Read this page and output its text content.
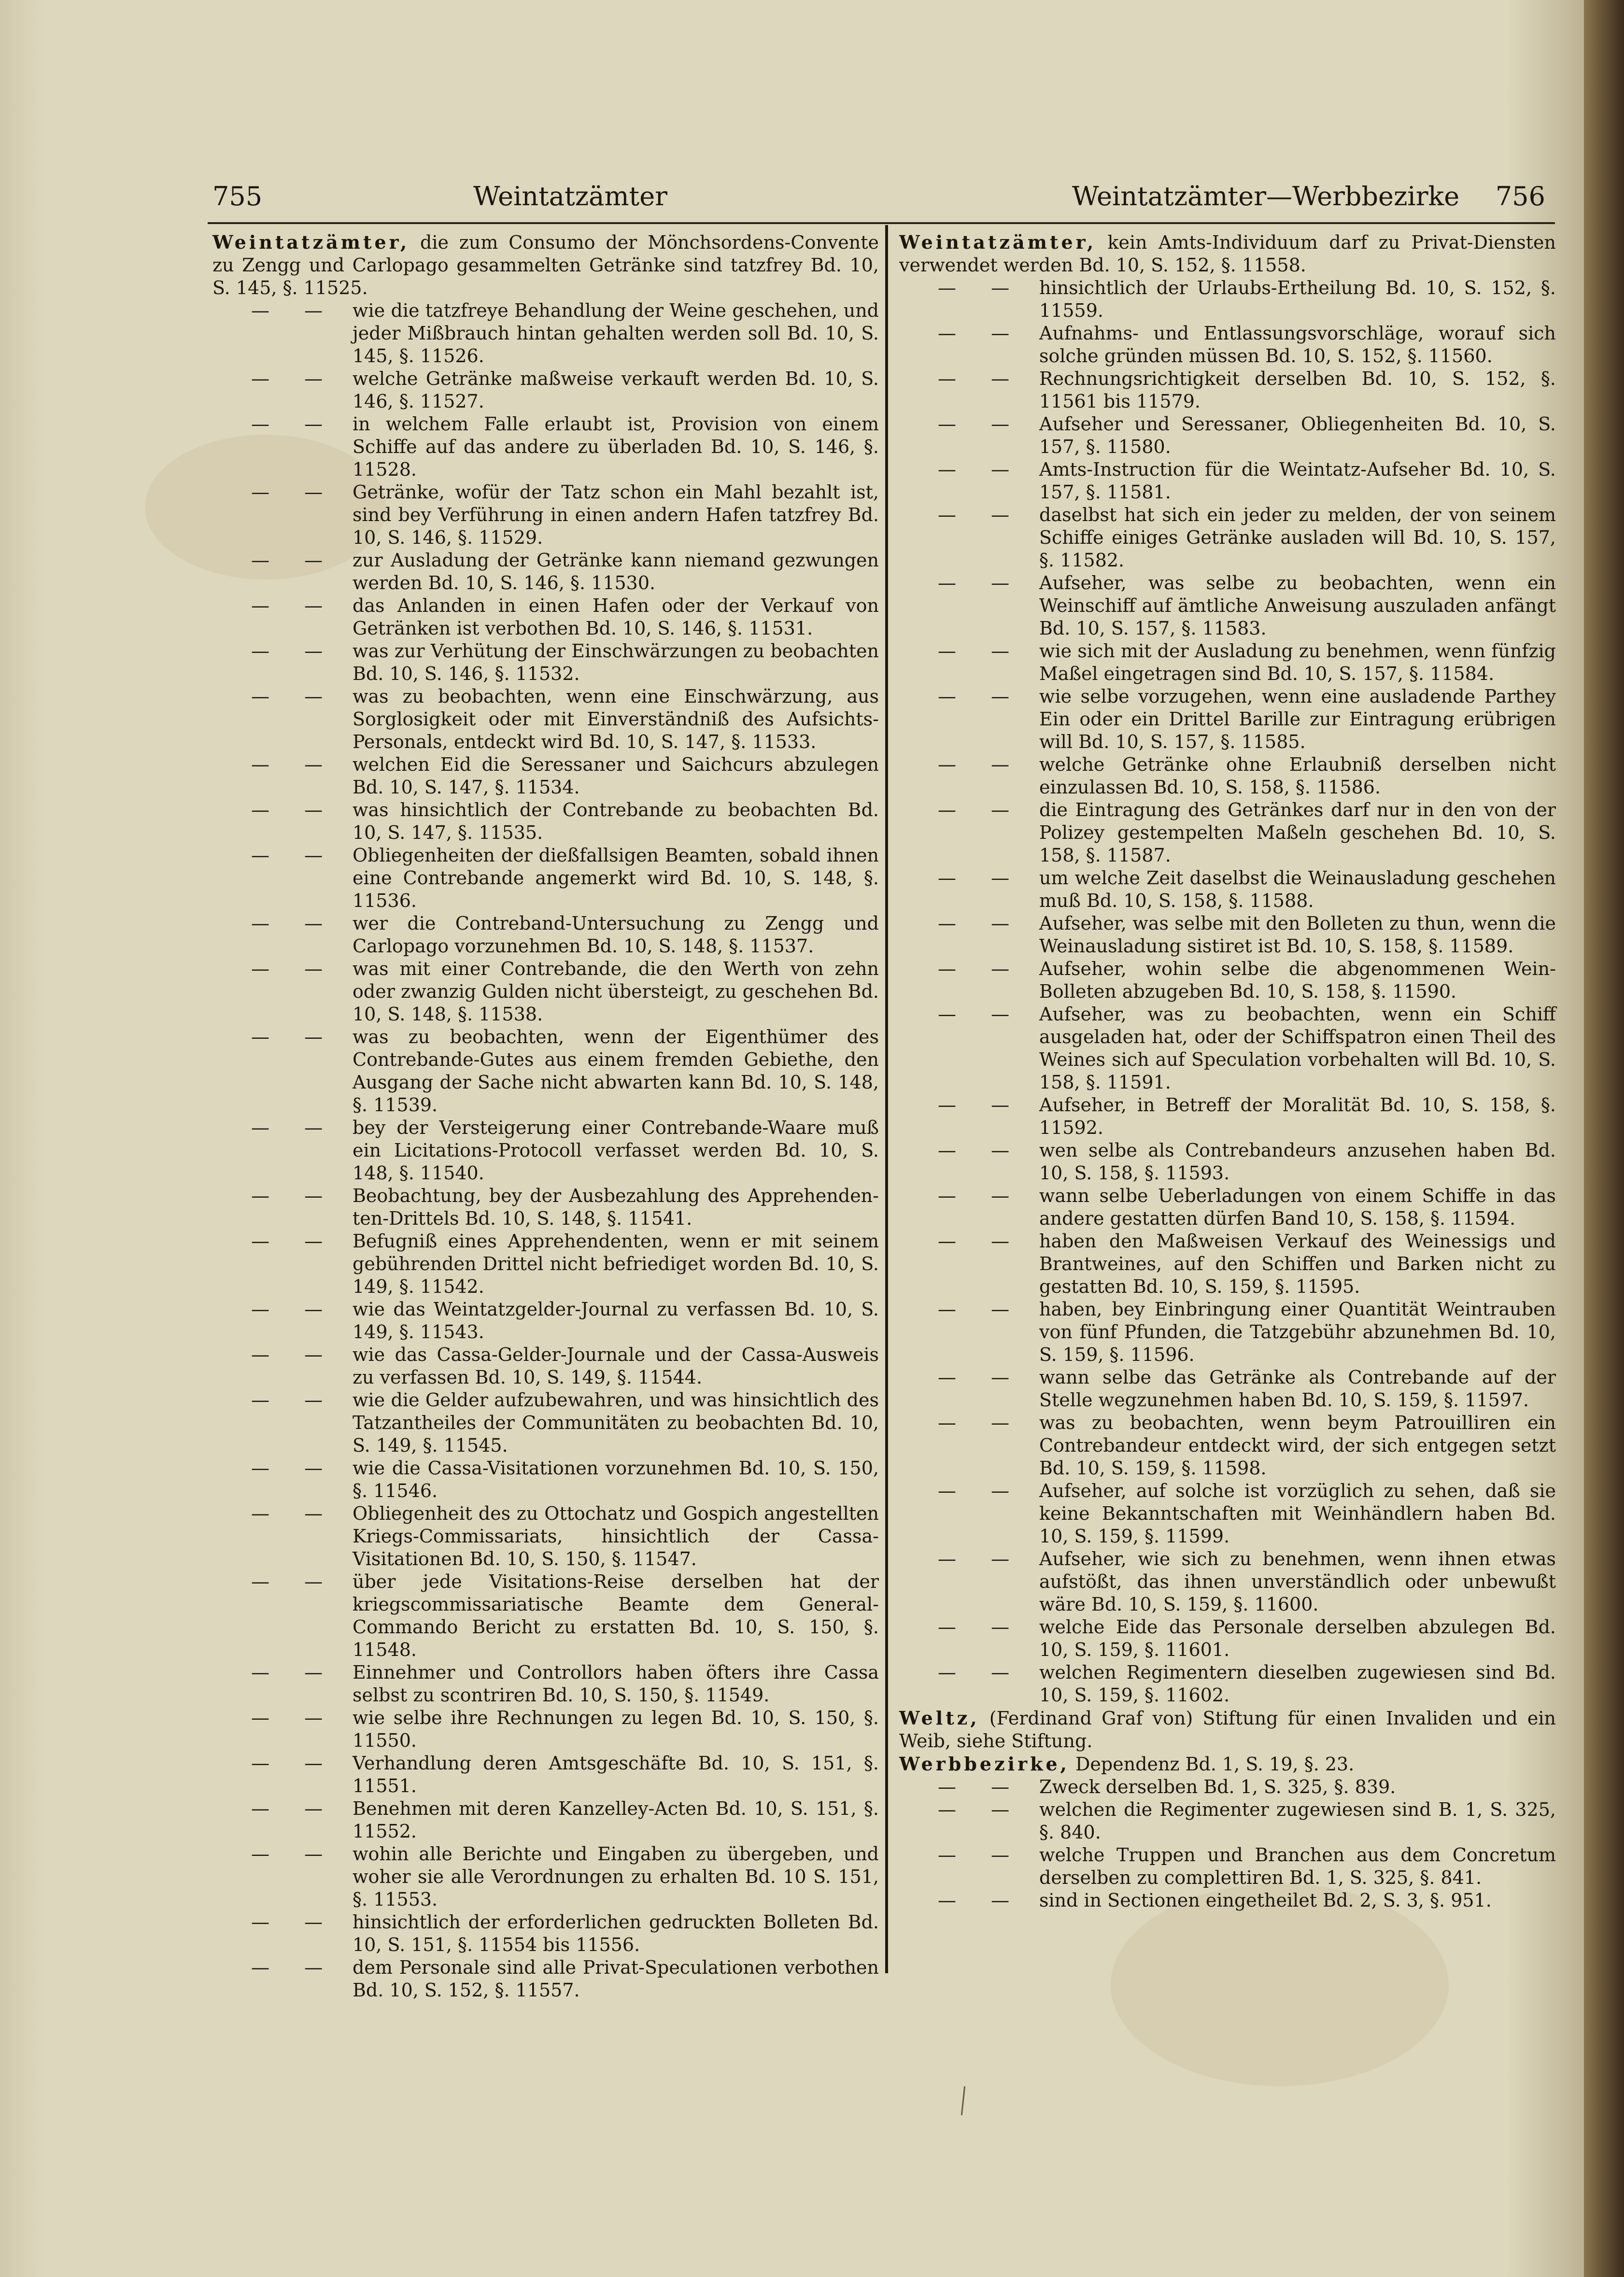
755	Weintatzämter	Weintatzämter—Werbbezirke 756
Weintatzämter, die zum Consumo der Mönchsordens-Convente zu Zengg und Carlopago gesammelten Getränke sind tatzfrey Bd. 10, S. 145, §. 11525.
— — wie die tatzfreye Behandlung der Weine geschehen, und jeder Mißbrauch hintan gehalten werden soll Bd. 10, S. 145, §. 11526.
— — welche Getränke maßweise verkauft werden Bd. 10, S. 146, §. 11527.
— — in welchem Falle erlaubt ist, Provision von einem Schiffe auf das andere zu überladen Bd. 10, S. 146, §. 11528.
— — Getränke, wofür der Tatz schon ein Mahl bezahlt ist, sind bey Verführung in einen andern Hafen tatzfrey Bd. 10, S. 146, §. 11529.
— — zur Ausladung der Getränke kann niemand gezwungen werden Bd. 10, S. 146, §. 11530.
— — das Anlanden in einen Hafen oder der Verkauf von Getränken ist verbothen Bd. 10, S. 146, §. 11531.
— — was zur Verhütung der Einschwärzungen zu beobachten Bd. 10, S. 146, §. 11532.
— — was zu beobachten, wenn eine Einschwärzung, aus Sorglosigkeit oder mit Einverständniß des Aufsichts-Personals, entdeckt wird Bd. 10, S. 147, §. 11533.
— — welchen Eid die Seressaner und Saichcurs abzulegen Bd. 10, S. 147, §. 11534.
— — was hinsichtlich der Contrebande zu beobachten Bd. 10, S. 147, §. 11535.
— — Obliegenheiten der dießfallsigen Beamten, sobald ihnen eine Contrebande angemerkt wird Bd. 10, S. 148, §. 11536.
— — wer die Contreband-Untersuchung zu Zengg und Carlopago vorzunehmen Bd. 10, S. 148, §. 11537.
— — was mit einer Contrebande, die den Werth von zehn oder zwanzig Gulden nicht übersteigt, zu geschehen Bd. 10, S. 148, §. 11538.
— — was zu beobachten, wenn der Eigenthümer des Contrebande-Gutes aus einem fremden Gebiethe, den Ausgang der Sache nicht abwarten kann Bd. 10, S. 148, §. 11539.
— — bey der Versteigerung einer Contrebande-Waare muß ein Licitations-Protocoll verfasset werden Bd. 10, S. 148, §. 11540.
— — Beobachtung, bey der Ausbezahlung des Apprehenden-ten-Drittels Bd. 10, S. 148, §. 11541.
— — Befugniß eines Apprehendenten, wenn er mit seinem gebührenden Drittel nicht befriediget worden Bd. 10, S. 149, §. 11542.
— — wie das Weintatzgelder-Journal zu verfassen Bd. 10, S. 149, §. 11543.
— — wie das Cassa-Gelder-Journale und der Cassa-Ausweis zu verfassen Bd. 10, S. 149, §. 11544.
— — wie die Gelder aufzubewahren, und was hinsichtlich des Tatzantheiles der Communitäten zu beobachten Bd. 10, S. 149, §. 11545.
— — wie die Cassa-Visitationen vorzunehmen Bd. 10, S. 150, §. 11546.
— — Obliegenheit des zu Ottochatz und Gospich angestellten Kriegs-Commissariats, hinsichtlich der Cassa-Visitationen Bd. 10, S. 150, §. 11547.
— — über jede Visitations-Reise derselben hat der kriegscommissariatische Beamte dem General-Commando Bericht zu erstatten Bd. 10, S. 150, §. 11548.
— — Einnehmer und Controllors haben öfters ihre Cassa selbst zu scontriren Bd. 10, S. 150, §. 11549.
— — wie selbe ihre Rechnungen zu legen Bd. 10, S. 150, §. 11550.
— — Verhandlung deren Amtsgeschäfte Bd. 10, S. 151, §. 11551.
— — Benehmen mit deren Kanzelley-Acten Bd. 10, S. 151, §. 11552.
— — wohin alle Berichte und Eingaben zu übergeben, und woher sie alle Verordnungen zu erhalten Bd. 10 S. 151, §. 11553.
— — hinsichtlich der erforderlichen gedruckten Bolleten Bd. 10, S. 151, §. 11554 bis 11556.
— — dem Personale sind alle Privat-Speculationen verbothen Bd. 10, S. 152, §. 11557.
Weintatzämter, kein Amts-Individuum darf zu Privat-Diensten verwendet werden Bd. 10, S. 152, §. 11558.
— — hinsichtlich der Urlaubs-Ertheilung Bd. 10, S. 152, §. 11559.
— — Aufnahms- und Entlassungsvorschläge, worauf sich solche gründen müssen Bd. 10, S. 152, §. 11560.
— — Rechnungsrichtigkeit derselben Bd. 10, S. 152, §. 11561 bis 11579.
— — Aufseher und Seressaner, Obliegenheiten Bd. 10, S. 157, §. 11580.
— — Amts-Instruction für die Weintatz-Aufseher Bd. 10, S. 157, §. 11581.
— — daselbst hat sich ein jeder zu melden, der von seinem Schiffe einiges Getränke ausladen will Bd. 10, S. 157, §. 11582.
— — Aufseher, was selbe zu beobachten, wenn ein Weinschiff auf ämtliche Anweisung auszuladen anfängt Bd. 10, S. 157, §. 11583.
— — wie sich mit der Ausladung zu benehmen, wenn fünfzig Maßel eingetragen sind Bd. 10, S. 157, §. 11584.
— — wie selbe vorzugehen, wenn eine ausladende Parthey Ein oder ein Drittel Barille zur Eintragung erübrigen will Bd. 10, S. 157, §. 11585.
— — welche Getränke ohne Erlaubniß derselben nicht einzulassen Bd. 10, S. 158, §. 11586.
— — die Eintragung des Getränkes darf nur in den von der Polizey gestempelten Maßeln geschehen Bd. 10, S. 158, §. 11587.
— — um welche Zeit daselbst die Weinausladung geschehen muß Bd. 10, S. 158, §. 11588.
— — Aufseher, was selbe mit den Bolleten zu thun, wenn die Weinausladung sistiret ist Bd. 10, S. 158, §. 11589.
— — Aufseher, wohin selbe die abgenommenen Wein-Bolleten abzugeben Bd. 10, S. 158, §. 11590.
— — Aufseher, was zu beobachten, wenn ein Schiff ausgeladen hat, oder der Schiffspatron einen Theil des Weines sich auf Speculation vorbehalten will Bd. 10, S. 158, §. 11591.
— — Aufseher, in Betreff der Moralität Bd. 10, S. 158, §. 11592.
— — wen selbe als Contrebandeurs anzusehen haben Bd. 10, S. 158, §. 11593.
— — wann selbe Ueberladungen von einem Schiffe in das andere gestatten dürfen Band 10, S. 158, §. 11594.
— — haben den Maßweisen Verkauf des Weinessigs und Brantweines, auf den Schiffen und Barken nicht zu gestatten Bd. 10, S. 159, §. 11595.
— — haben, bey Einbringung einer Quantität Weintrauben von fünf Pfunden, die Tatzgebühr abzunehmen Bd. 10, S. 159, §. 11596.
— — wann selbe das Getränke als Contrebande auf der Stelle wegzunehmen haben Bd. 10, S. 159, §. 11597.
— — was zu beobachten, wenn beym Patrouilliren ein Contrebandeur entdeckt wird, der sich entgegen setzt Bd. 10, S. 159, §. 11598.
— — Aufseher, auf solche ist vorzüglich zu sehen, daß sie keine Bekanntschaften mit Weinhändlern haben Bd. 10, S. 159, §. 11599.
— — Aufseher, wie sich zu benehmen, wenn ihnen etwas aufstößt, das ihnen unverständlich oder unbewußt wäre Bd. 10, S. 159, §. 11600.
— — welche Eide das Personale derselben abzulegen Bd. 10, S. 159, §. 11601.
— — welchen Regimentern dieselben zugewiesen sind Bd. 10, S. 159, §. 11602.
Weltz, (Ferdinand Graf von) Stiftung für einen Invaliden und ein Weib, siehe Stiftung.
Werbbezirke, Dependenz Bd. 1, S. 19, §. 23.
— — Zweck derselben Bd. 1, S. 325, §. 839.
— — welchen die Regimenter zugewiesen sind B. 1, S. 325, §. 840.
— — welche Truppen und Branchen aus dem Concretum derselben zu complettiren Bd. 1, S. 325, §. 841.
— — sind in Sectionen eingetheilet Bd. 2, S. 3, §. 951.
